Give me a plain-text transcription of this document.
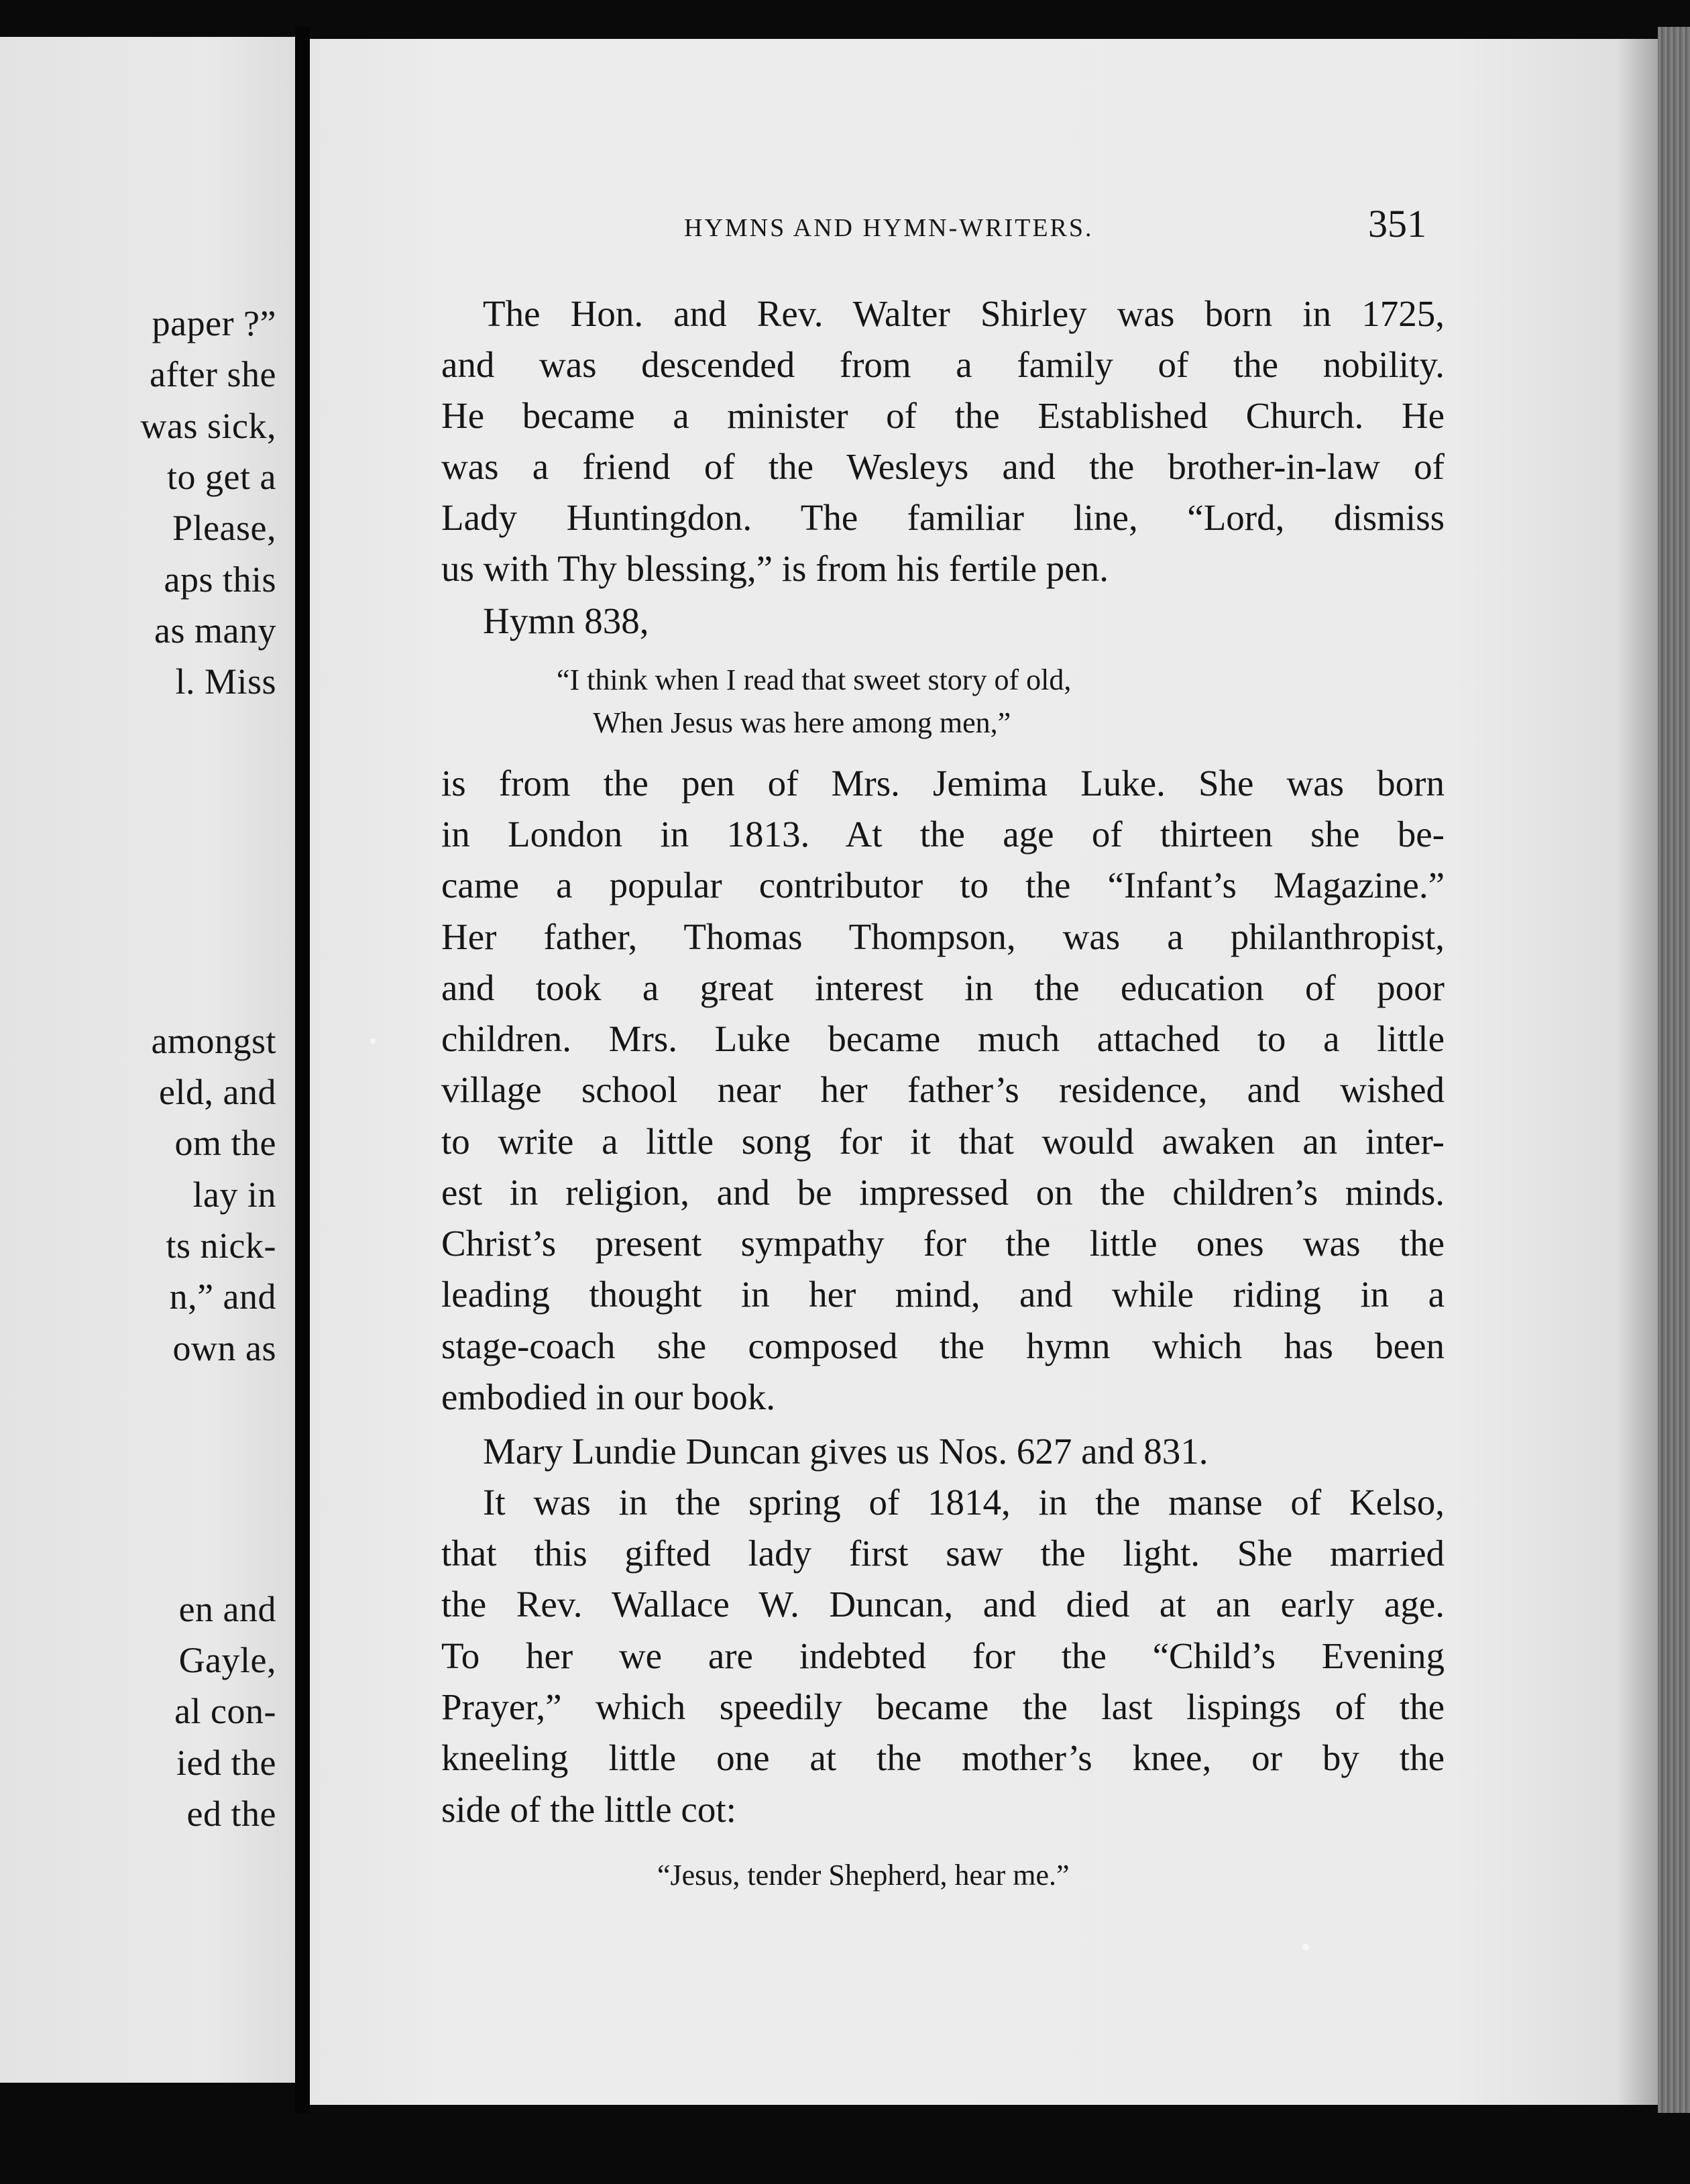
paper ?”
after she
was sick,
to get a
Please,
aps this
as many
l. Miss
amongst
eld, and
om the
lay in
ts nick-
n,” and
own as
en and
Gayle,
al con-
ied the
ed the
HYMNS AND HYMN-WRITERS.	351
The Hon. and Rev. Walter Shirley was born in 1725,
and was descended from a family of the nobility.
He became a minister of the Established Church. He
was a friend of the Wesleys and the brother-in-law of
Lady Huntingdon. The familiar line, “Lord, dismiss
us with Thy blessing,” is from his fertile pen.
Hymn 838,
“I think when I read that sweet story of old,
When Jesus was here among men,”
is from the pen of Mrs. Jemima Luke. She was born
in London in 1813. At the age of thirteen she be-
came a popular contributor to the “Infant’s Magazine.”
Her father, Thomas Thompson, was a philanthropist,
and took a great interest in the education of poor
children. Mrs. Luke became much attached to a little
village school near her father’s residence, and wished
to write a little song for it that would awaken an inter-
est in religion, and be impressed on the children’s minds.
Christ’s present sympathy for the little ones was the
leading thought in her mind, and while riding in a
stage-coach she composed the hymn which has been
embodied in our book.
Mary Lundie Duncan gives us Nos. 627 and 831.
It was in the spring of 1814, in the manse of Kelso,
that this gifted lady first saw the light. She married
the Rev. Wallace W. Duncan, and died at an early age.
To her we are indebted for the “Child’s Evening
Prayer,” which speedily became the last lispings of the
kneeling little one at the mother’s knee, or by the
side of the little cot:
“Jesus, tender Shepherd, hear me.”
